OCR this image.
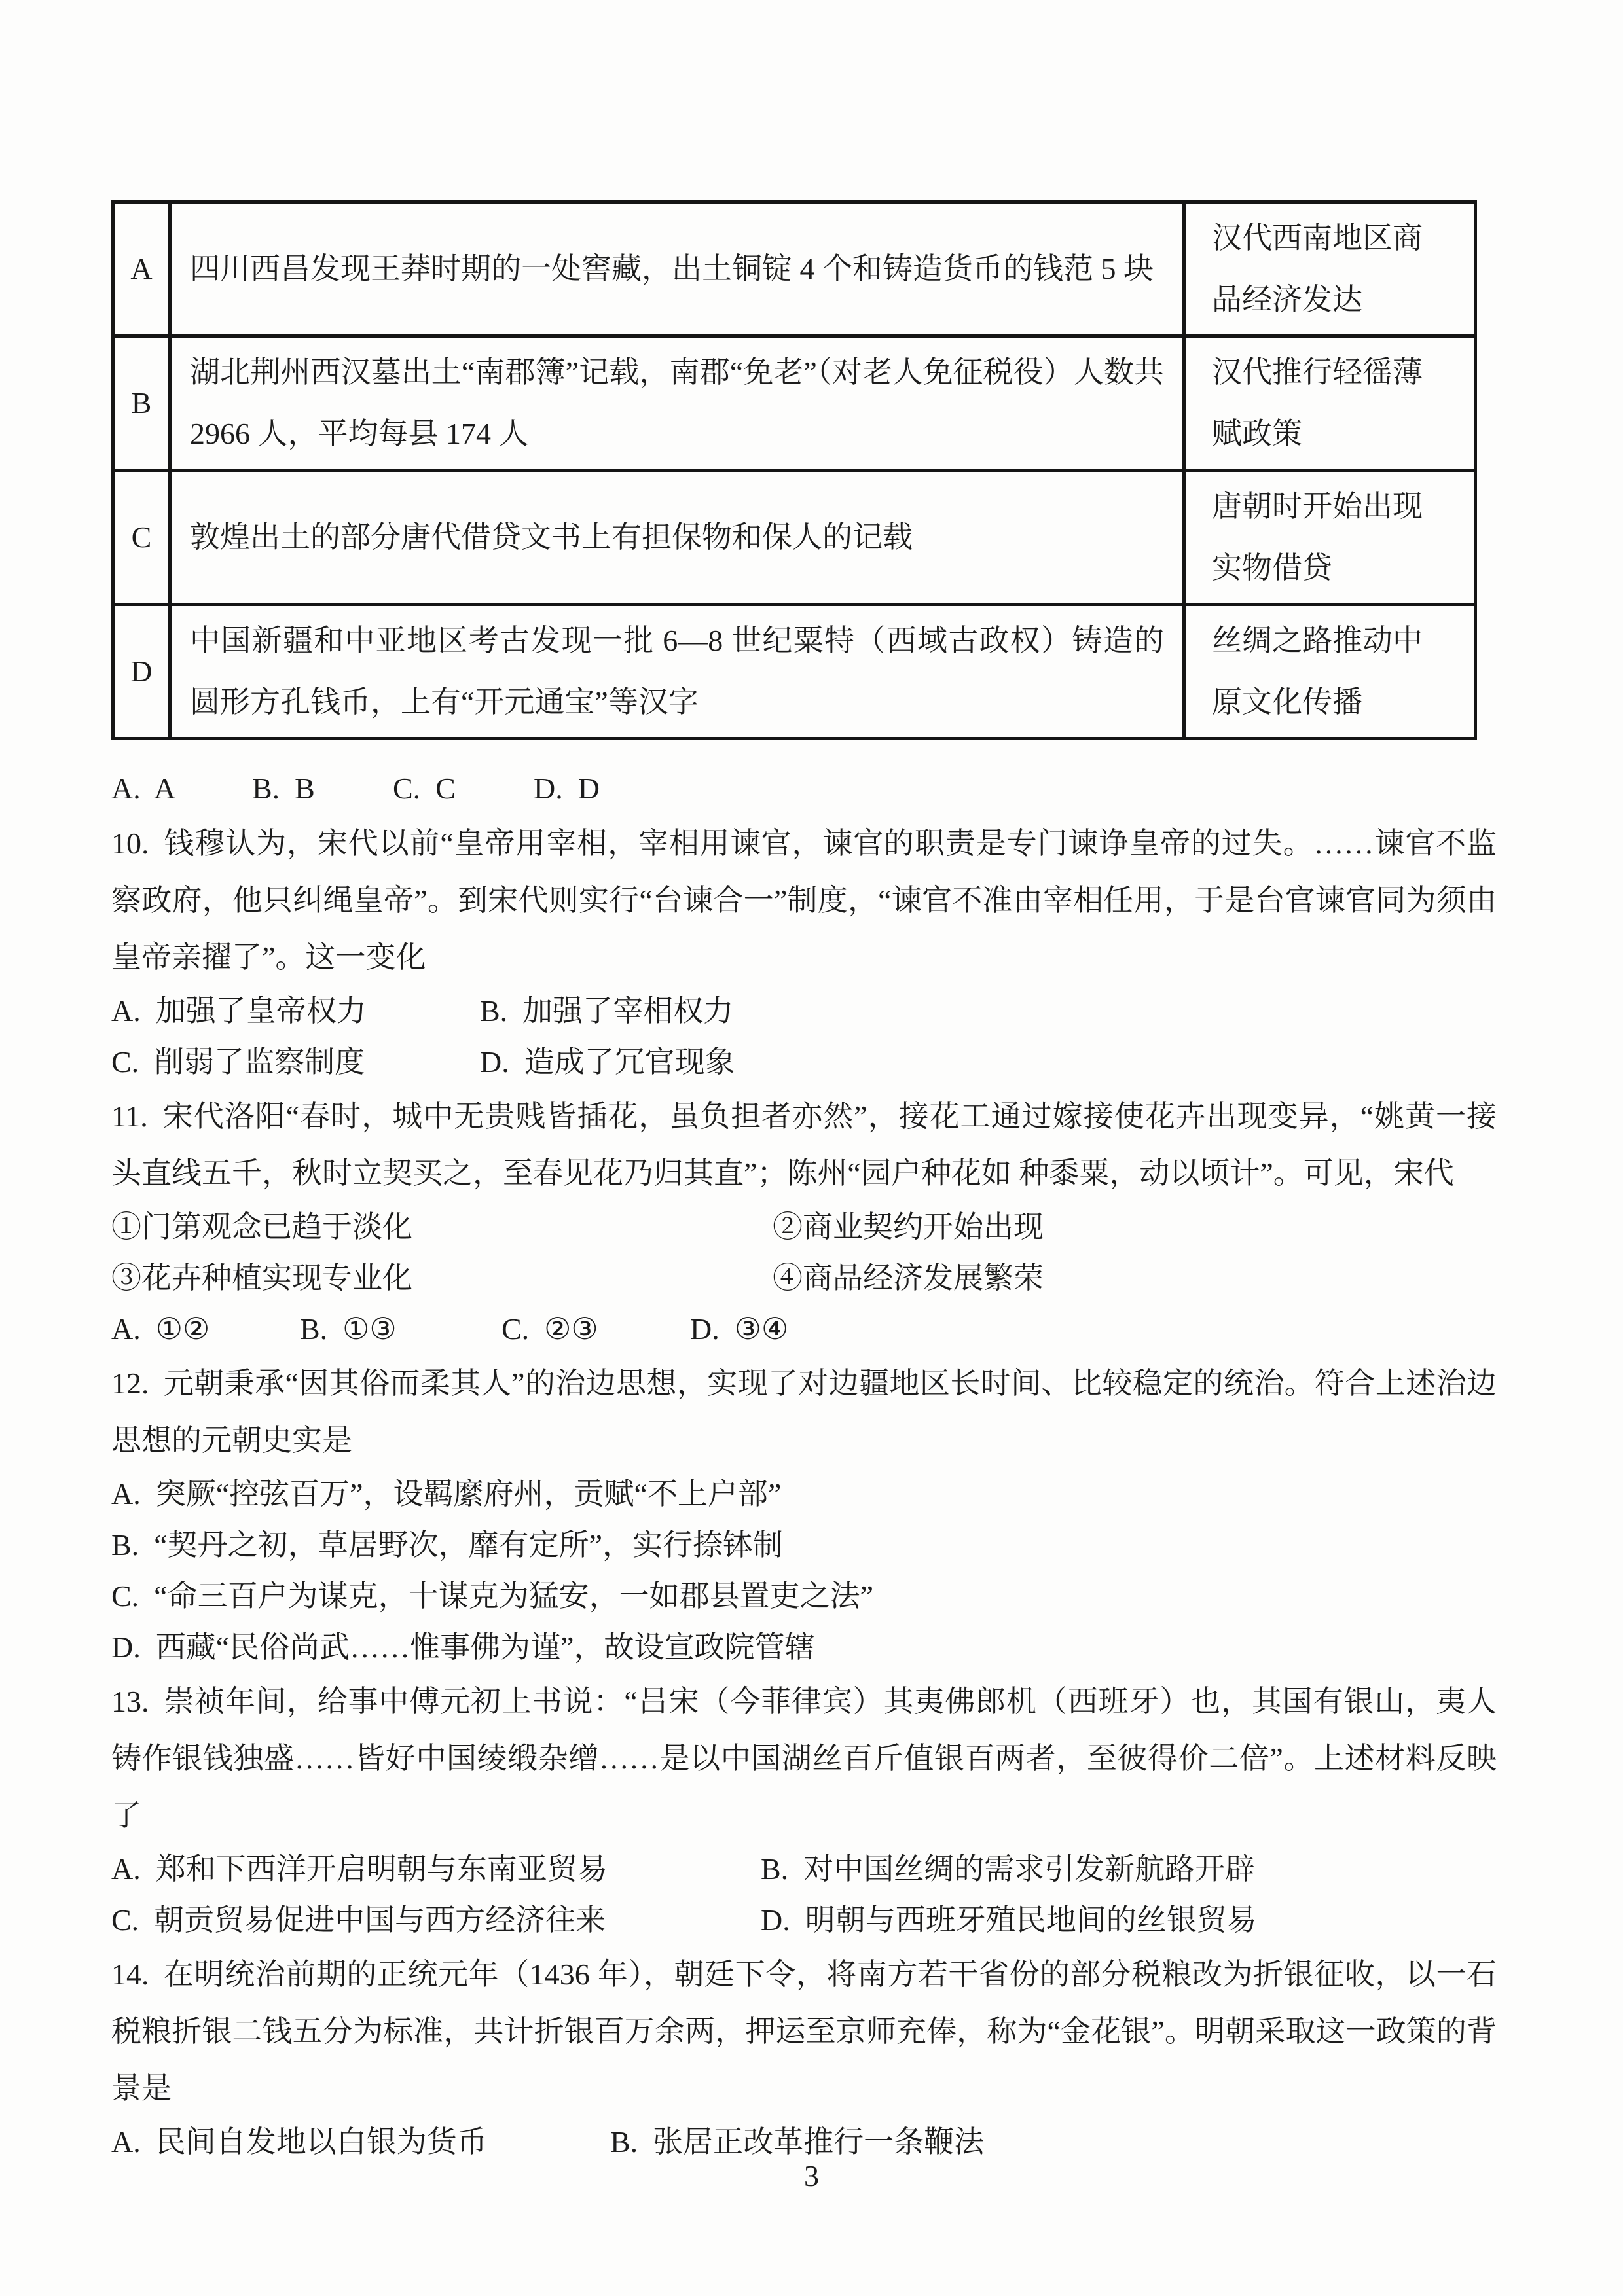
A	四川西昌发现王莽时期的一处窖藏，出土铜锭 4 个和铸造货币的钱范 5 块	汉代西南地区商品经济发达
B	湖北荆州西汉墓出土“南郡簿”记载，南郡“免老”（对老人免征税役）人数共 2966 人，平均每县 174 人	汉代推行轻徭薄赋政策
C	敦煌出土的部分唐代借贷文书上有担保物和保人的记载	唐朝时开始出现实物借贷
D	中国新疆和中亚地区考古发现一批 6—8 世纪粟特（西域古政权）铸造的圆形方孔钱币，上有“开元通宝”等汉字	丝绸之路推动中原文化传播
A.  A	B.  B	C.  C	D.  D

10. 钱穆认为，宋代以前“皇帝用宰相，宰相用谏官，谏官的职责是专门谏诤皇帝的过失。……谏官不监察政府，他只纠绳皇帝”。到宋代则实行“台谏合一”制度，“谏官不准由宰相任用，于是台官谏官同为须由皇帝亲擢了”。这一变化

A.  加强了皇帝权力	B.  加强了宰相权力
C.  削弱了监察制度	D.  造成了冗官现象

11. 宋代洛阳“春时，城中无贵贱皆插花，虽负担者亦然”，接花工通过嫁接使花卉出现变异，“姚黄一接头直线五千，秋时立契买之，至春见花乃归其直”；陈州“园户种花如 种黍粟，动以顷计”。可见，宋代

①门第观念已趋于淡化	②商业契约开始出现
③花卉种植实现专业化	④商品经济发展繁荣
A.  ①②	B.  ①③	C.  ②③	D.  ③④

12. 元朝秉承“因其俗而柔其人”的治边思想，实现了对边疆地区长时间、比较稳定的统治。符合上述治边思想的元朝史实是

A.  突厥“控弦百万”，设羁縻府州，贡赋“不上户部”
B.  “契丹之初，草居野次，靡有定所”，实行捺钵制
C.  “命三百户为谋克，十谋克为猛安，一如郡县置吏之法”
D.  西藏“民俗尚武……惟事佛为谨”，故设宣政院管辖

13. 崇祯年间，给事中傅元初上书说：“吕宋（今菲律宾）其夷佛郎机（西班牙）也，其国有银山，夷人铸作银钱独盛……皆好中国绫缎杂缯……是以中国湖丝百斤值银百两者，至彼得价二倍”。上述材料反映了

A.  郑和下西洋开启明朝与东南亚贸易	B.  对中国丝绸的需求引发新航路开辟
C.  朝贡贸易促进中国与西方经济往来	D.  明朝与西班牙殖民地间的丝银贸易

14. 在明统治前期的正统元年（1436 年），朝廷下令，将南方若干省份的部分税粮改为折银征收，以一石税粮折银二钱五分为标准，共计折银百万余两，押运至京师充俸，称为“金花银”。明朝采取这一政策的背景是

A.  民间自发地以白银为货币	B.  张居正改革推行一条鞭法
3
